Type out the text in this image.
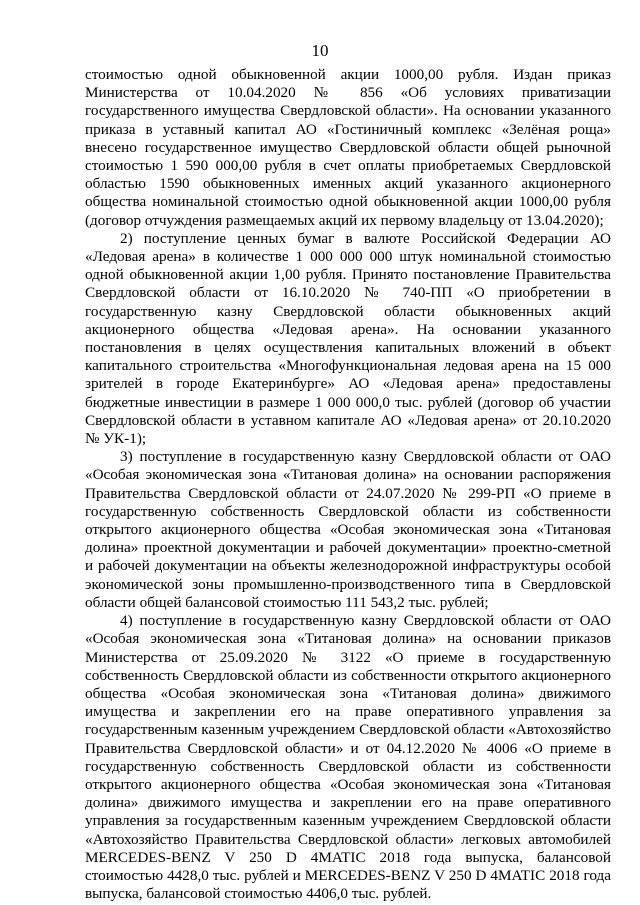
10

стоимостью одной обыкновенной акции 1000,00 рубля. Издан приказ Министерства от 10.04.2020 № 856 «Об условиях приватизации государственного имущества Свердловской области». На основании указанного приказа в уставный капитал АО «Гостиничный комплекс «Зелёная роща» внесено государственное имущество Свердловской области общей рыночной стоимостью 1 590 000,00 рубля в счет оплаты приобретаемых Свердловской областью 1590 обыкновенных именных акций указанного акционерного общества номинальной стоимостью одной обыкновенной акции 1000,00 рубля (договор отчуждения размещаемых акций их первому владельцу от 13.04.2020);

2) поступление ценных бумаг в валюте Российской Федерации АО «Ледовая арена» в количестве 1 000 000 000 штук номинальной стоимостью одной обыкновенной акции 1,00 рубля. Принято постановление Правительства Свердловской области от 16.10.2020 № 740-ПП «О приобретении в государственную казну Свердловской области обыкновенных акций акционерного общества «Ледовая арена». На основании указанного постановления в целях осуществления капитальных вложений в объект капитального строительства «Многофункциональная ледовая арена на 15 000 зрителей в городе Екатеринбурге» АО «Ледовая арена» предоставлены бюджетные инвестиции в размере 1 000 000,0 тыс. рублей (договор об участии Свердловской области в уставном капитале АО «Ледовая арена» от 20.10.2020 № УК-1);

3) поступление в государственную казну Свердловской области от ОАО «Особая экономическая зона «Титановая долина» на основании распоряжения Правительства Свердловской области от 24.07.2020 № 299-РП «О приеме в государственную собственность Свердловской области из собственности открытого акционерного общества «Особая экономическая зона «Титановая долина» проектной документации и рабочей документации» проектно-сметной и рабочей документации на объекты железнодорожной инфраструктуры особой экономической зоны промышленно-производственного типа в Свердловской области общей балансовой стоимостью 111 543,2 тыс. рублей;

4) поступление в государственную казну Свердловской области от ОАО «Особая экономическая зона «Титановая долина» на основании приказов Министерства от 25.09.2020 № 3122 «О приеме в государственную собственность Свердловской области из собственности открытого акционерного общества «Особая экономическая зона «Титановая долина» движимого имущества и закреплении его на праве оперативного управления за государственным казенным учреждением Свердловской области «Автохозяйство Правительства Свердловской области» и от 04.12.2020 № 4006 «О приеме в государственную собственность Свердловской области из собственности открытого акционерного общества «Особая экономическая зона «Титановая долина» движимого имущества и закреплении его на праве оперативного управления за государственным казенным учреждением Свердловской области «Автохозяйство Правительства Свердловской области» легковых автомобилей MERCEDES-BENZ V 250 D 4MATIC 2018 года выпуска, балансовой стоимостью 4428,0 тыс. рублей и MERCEDES-BENZ V 250 D 4MATIC 2018 года выпуска, балансовой стоимостью 4406,0 тыс. рублей.
